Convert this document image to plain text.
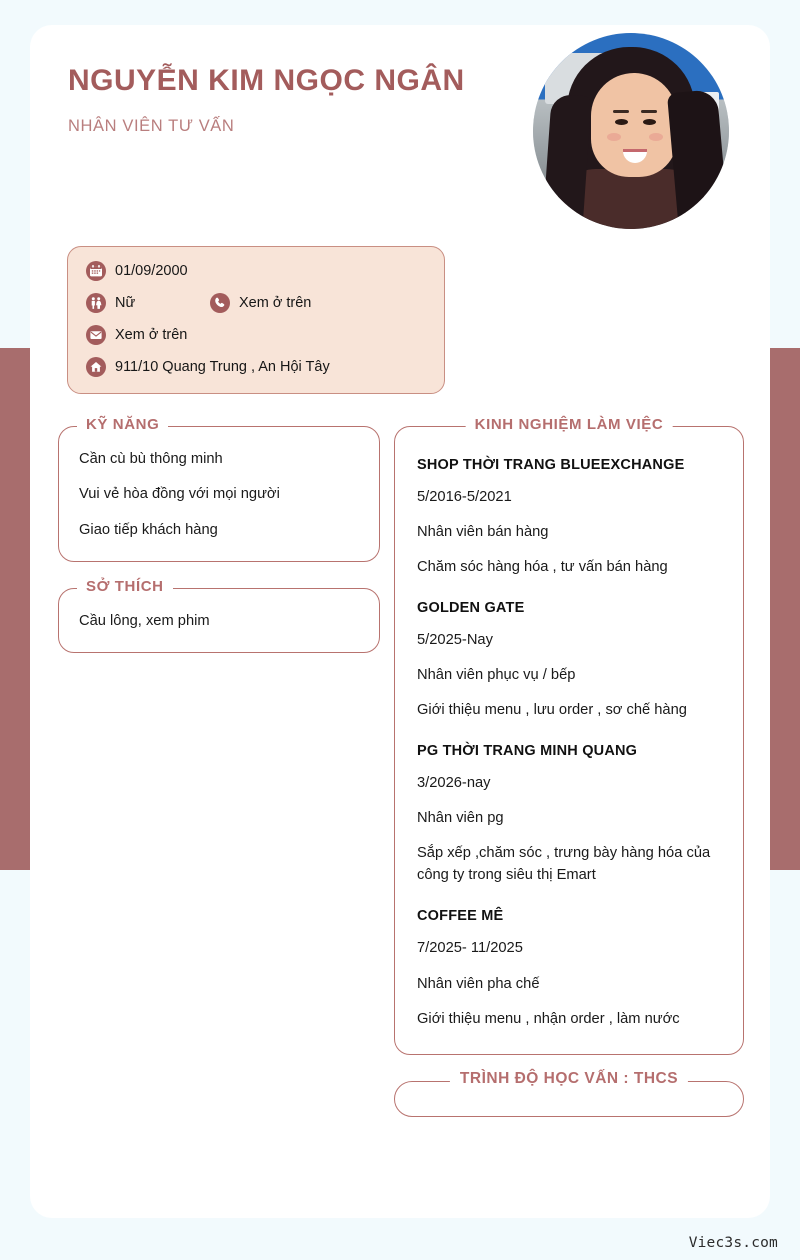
NGUYỄN KIM NGỌC NGÂN
NHÂN VIÊN TƯ VẤN
01/09/2000
Nữ	Xem ở trên
Xem ở trên
911/10 Quang Trung , An Hội Tây
KỸ NĂNG
Cần cù bù thông minh
Vui vẻ hòa đồng với mọi người
Giao tiếp khách hàng
SỞ THÍCH
Cầu lông, xem phim
KINH NGHIỆM LÀM VIỆC
SHOP THỜI TRANG BLUEEXCHANGE
5/2016-5/2021
Nhân viên bán hàng
Chăm sóc hàng hóa , tư vấn bán hàng
GOLDEN GATE
5/2025-Nay
Nhân viên phục vụ / bếp
Giới thiệu menu , lưu order , sơ chế hàng
PG THỜI TRANG MINH QUANG
3/2026-nay
Nhân viên pg
Sắp xếp ,chăm sóc , trưng bày hàng hóa của công ty trong siêu thị Emart
COFFEE MÊ
7/2025- 11/2025
Nhân viên pha chế
Giới thiệu menu , nhận order , làm nước
TRÌNH ĐỘ HỌC VẤN : THCS
Viec3s.com
